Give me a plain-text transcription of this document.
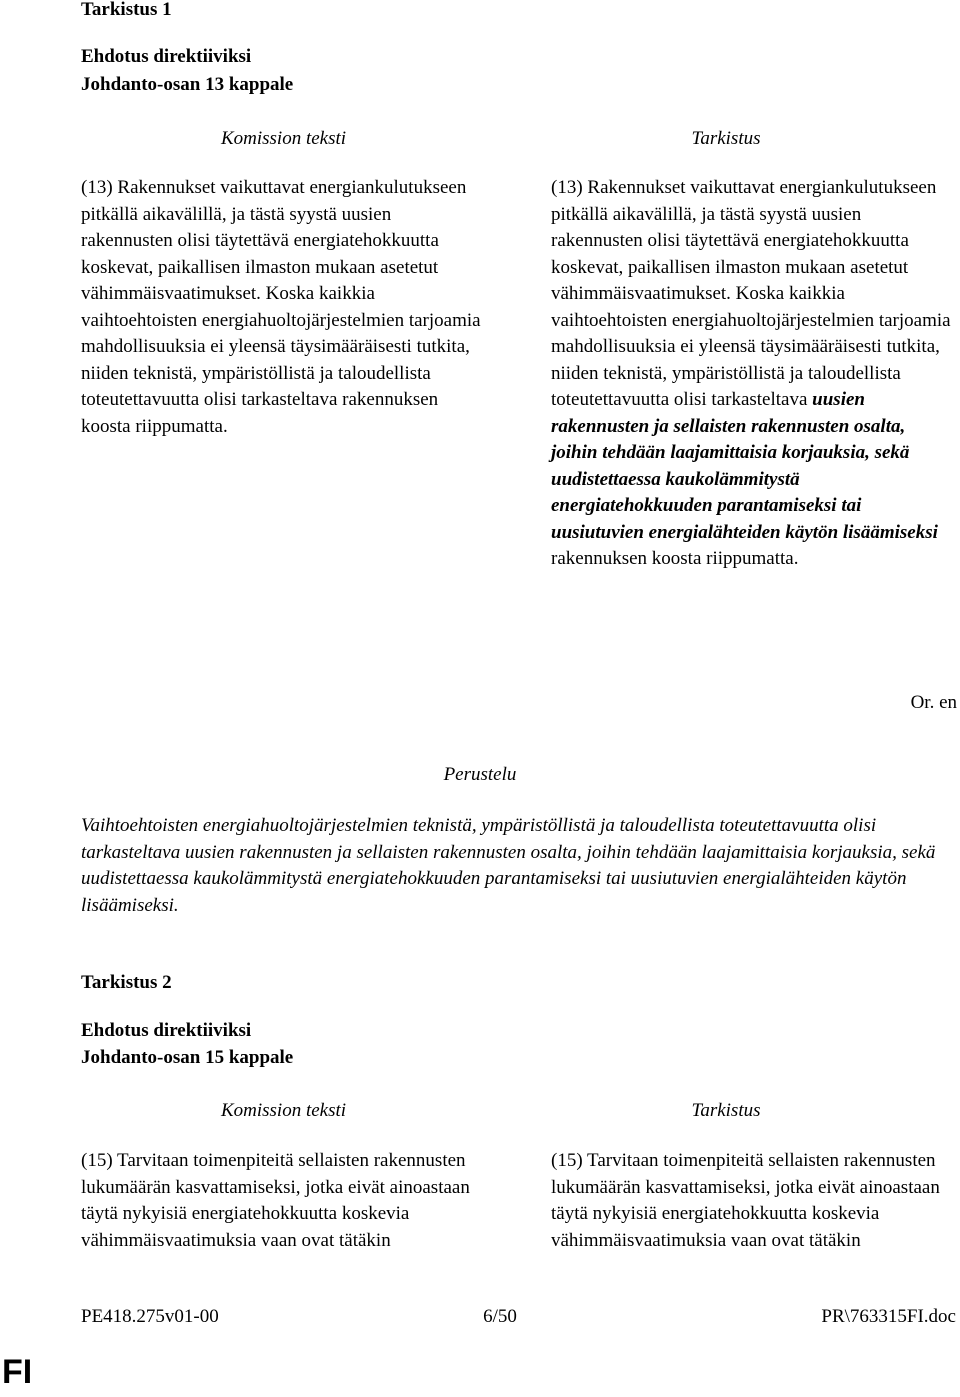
Tarkistus 1
Ehdotus direktiiviksi
Johdanto-osan 13 kappale
Komission teksti	Tarkistus
(13) Rakennukset vaikuttavat energiankulutukseen pitkällä aikavälillä, ja tästä syystä uusien rakennusten olisi täytettävä energiatehokkuutta koskevat, paikallisen ilmaston mukaan asetetut vähimmäisvaatimukset. Koska kaikkia vaihtoehtoisten energiahuoltojärjestelmien tarjoamia mahdollisuuksia ei yleensä täysimääräisesti tutkita, niiden teknistä, ympäristöllistä ja taloudellista toteutettavuutta olisi tarkasteltava rakennuksen koosta riippumatta.
(13) Rakennukset vaikuttavat energiankulutukseen pitkällä aikavälillä, ja tästä syystä uusien rakennusten olisi täytettävä energiatehokkuutta koskevat, paikallisen ilmaston mukaan asetetut vähimmäisvaatimukset. Koska kaikkia vaihtoehtoisten energiahuoltojärjestelmien tarjoamia mahdollisuuksia ei yleensä täysimääräisesti tutkita, niiden teknistä, ympäristöllistä ja taloudellista toteutettavuutta olisi tarkasteltava uusien rakennusten ja sellaisten rakennusten osalta, joihin tehdään laajamittaisia korjauksia, sekä uudistettaessa kaukolämmitystä energiatehokkuuden parantamiseksi tai uusiutuvien energialähteiden käytön lisäämiseksi rakennuksen koosta riippumatta.
Or. en
Perustelu
Vaihtoehtoisten energiahuoltojärjestelmien teknistä, ympäristöllistä ja taloudellista toteutettavuutta olisi tarkasteltava uusien rakennusten ja sellaisten rakennusten osalta, joihin tehdään laajamittaisia korjauksia, sekä uudistettaessa kaukolämmitystä energiatehokkuuden parantamiseksi tai uusiutuvien energialähteiden käytön lisäämiseksi.
Tarkistus 2
Ehdotus direktiiviksi
Johdanto-osan 15 kappale
Komission teksti	Tarkistus
(15) Tarvitaan toimenpiteitä sellaisten rakennusten lukumäärän kasvattamiseksi, jotka eivät ainoastaan täytä nykyisiä energiatehokkuutta koskevia vähimmäisvaatimuksia vaan ovat tätäkin
(15) Tarvitaan toimenpiteitä sellaisten rakennusten lukumäärän kasvattamiseksi, jotka eivät ainoastaan täytä nykyisiä energiatehokkuutta koskevia vähimmäisvaatimuksia vaan ovat tätäkin
PE418.275v01-00	6/50	PR\763315FI.doc
FI
